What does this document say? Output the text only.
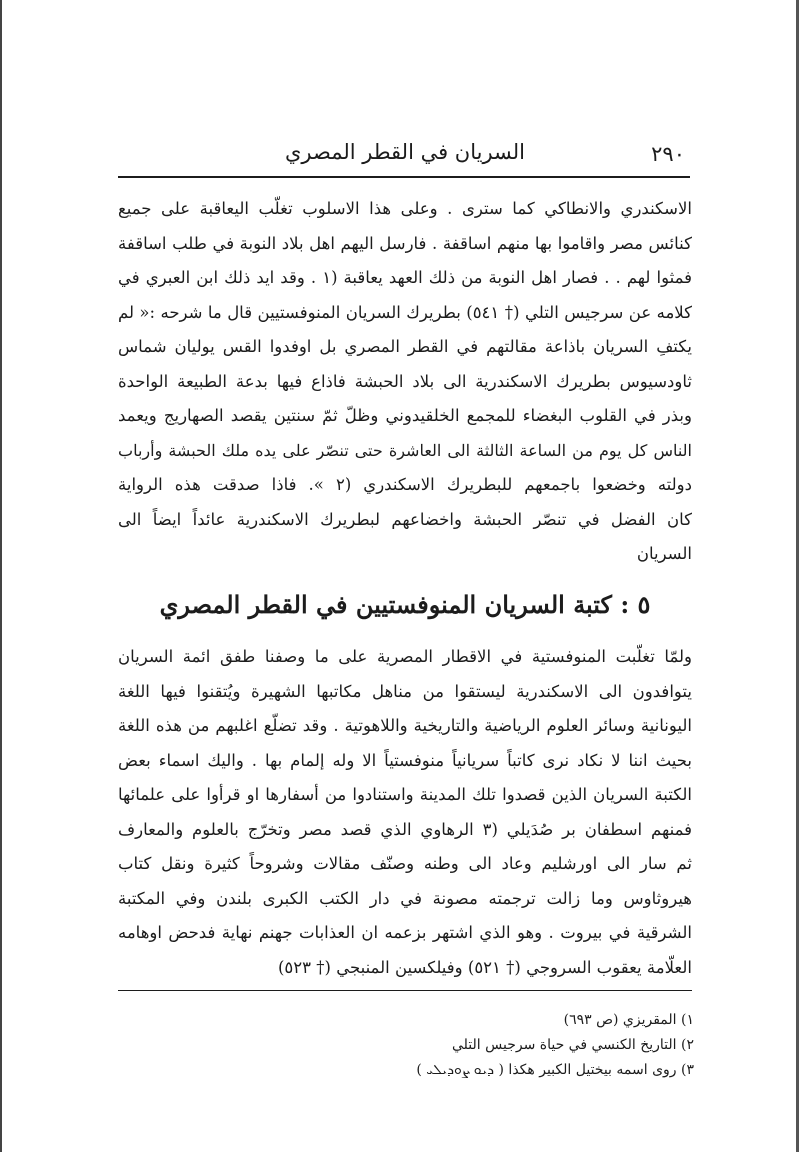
٢٩٠
السريان في القطر المصري
الاسكندري والانطاكي كما سترى . وعلى هذا الاسلوب تغلّب اليعاقبة على جميع
كنائس مصر واقاموا بها منهم اساقفة . فارسل اليهم اهل بلاد النوبة في طلب اساقفة
فمثوا لهم . . فصار اهل النوبة من ذلك العهد يعاقبة (١ . وقد ايد ذلك ابن العبري في
كلامه عن سرجيس التلي († ٥٤١) بطريرك السريان المنوفستيين قال ما شرحه :« لم
يكتفِ السريان باذاعة مقالتهم في القطر المصري بل اوفدوا القس يوليان شماس
ثاودسيوس بطريرك الاسكندرية الى بلاد الحبشة فاذاع فيها بدعة الطبيعة الواحدة
وبذر في القلوب البغضاء للمجمع الخلقيدوني وظلّ ثمّ سنتين يقصد الصهاريج ويعمد
الناس كل يوم من الساعة الثالثة الى العاشرة حتى تنصّر على يده ملك الحبشة وأرباب
دولته وخضعوا باجمعهم للبطريرك الاسكندري (٢ ». فاذا صدقت هذه الرواية
كان الفضل في تنصّر الحبشة واخضاعهم لبطريرك الاسكندرية عائداً ايضاً الى
السريان
٥ : كتبة السريان المنوفستيين في القطر المصري
ولمّا تغلّبت المنوفستية في الاقطار المصرية على ما وصفنا طفق ائمة السريان
يتوافدون الى الاسكندرية ليستقوا من مناهل مكاتبها الشهيرة ويُتقنوا فيها اللغة
اليونانية وسائر العلوم الرياضية والتاريخية واللاهوتية . وقد تضلّع اغلبهم من هذه اللغة
بحيث اننا لا نكاد نرى كاتباً سريانياً منوفستياً الا وله إلمام بها . واليك اسماء بعض
الكتبة السريان الذين قصدوا تلك المدينة واستنادوا من أسفارها او قرأوا على علمائها
فمنهم اسطفان بر صُدَيلي (٣ الرهاوي الذي قصد مصر وتخرّج بالعلوم والمعارف
ثم سار الى اورشليم وعاد الى وطنه وصنّف مقالات وشروحاً كثيرة ونقل كتاب
هيروثاوس وما زالت ترجمته مصونة في دار الكتب الكبرى بلندن وفي المكتبة
الشرقية في بيروت . وهو الذي اشتهر بزعمه ان العذابات جهنم نهاية فدحض اوهامه
العلّامة يعقوب السروجي († ٥٢١) وفيلكسين المنبجي († ٥٢٣)
١) المقريزي (ص ٦٩٣)
٢) التاريخ الكنسي في حياة سرجيس التلي
٣) روى اسمه بيختيل الكبير هكذا ( ܕܝܘ ܨܘܕܝܠܝ )
